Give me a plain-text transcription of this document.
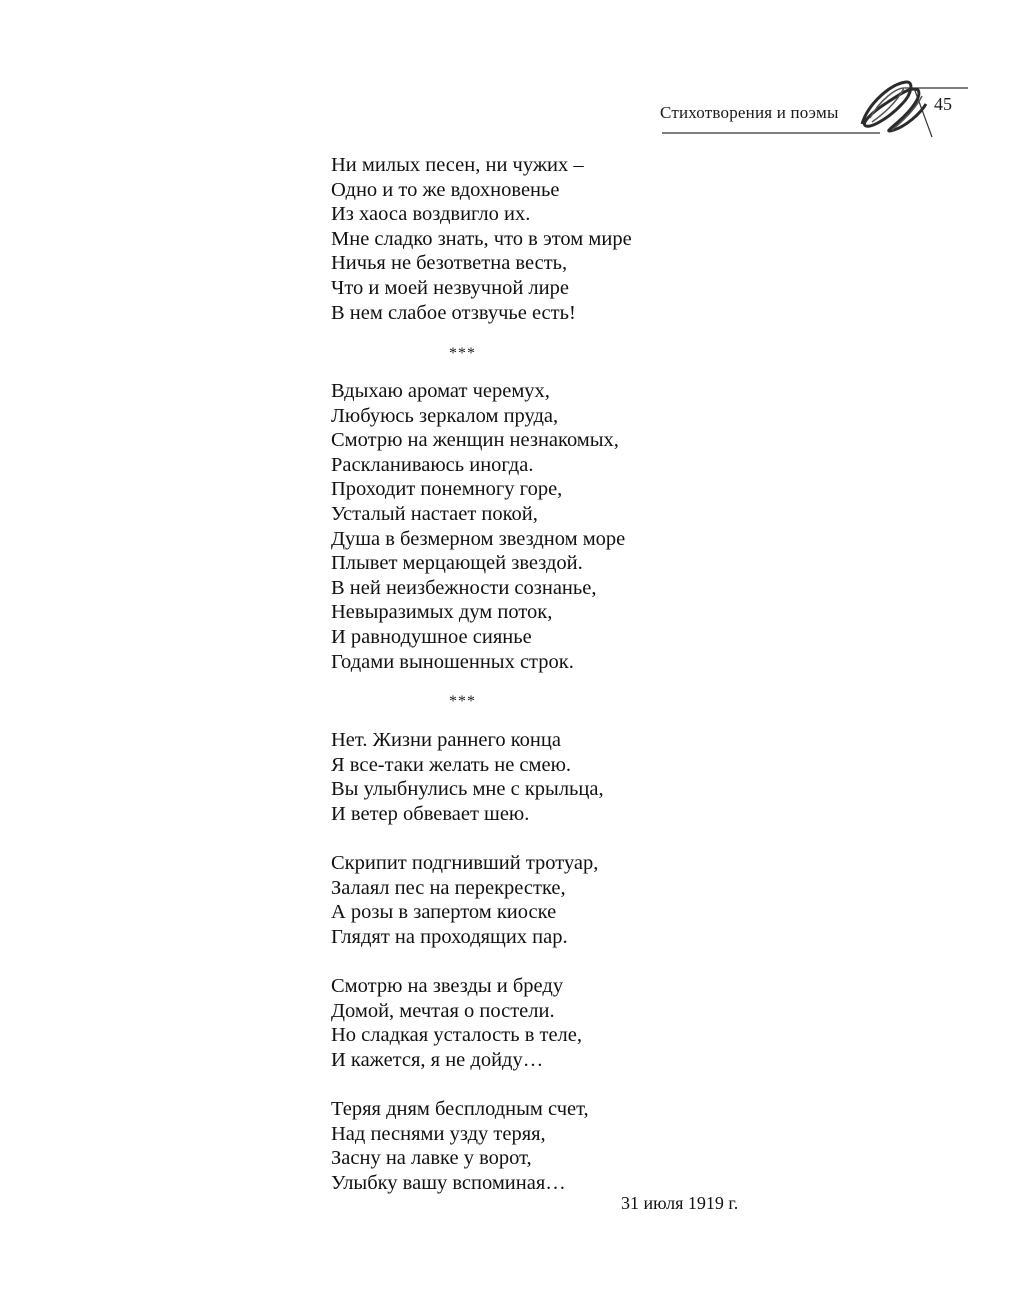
Стихотворения и поэмы	45
Ни милых песен, ни чужих –
Одно и то же вдохновенье
Из хаоса воздвигло их.
Мне сладко знать, что в этом мире
Ничья не безответна весть,
Что и моей незвучной лире
В нем слабое отзвучье есть!
***
Вдыхаю аромат черемух,
Любуюсь зеркалом пруда,
Смотрю на женщин незнакомых,
Раскланиваюсь иногда.
Проходит понемногу горе,
Усталый настает покой,
Душа в безмерном звездном море
Плывет мерцающей звездой.
В ней неизбежности сознанье,
Невыразимых дум поток,
И равнодушное сиянье
Годами выношенных строк.
***
Нет. Жизни раннего конца
Я все-таки желать не смею.
Вы улыбнулись мне с крыльца,
И ветер обвевает шею.
Скрипит подгнивший тротуар,
Залаял пес на перекрестке,
А розы в запертом киоске
Глядят на проходящих пар.
Смотрю на звезды и бреду
Домой, мечтая о постели.
Но сладкая усталость в теле,
И кажется, я не дойду…
Теряя дням бесплодным счет,
Над песнями узду теряя,
Засну на лавке у ворот,
Улыбку вашу вспоминая…
31 июля 1919 г.
